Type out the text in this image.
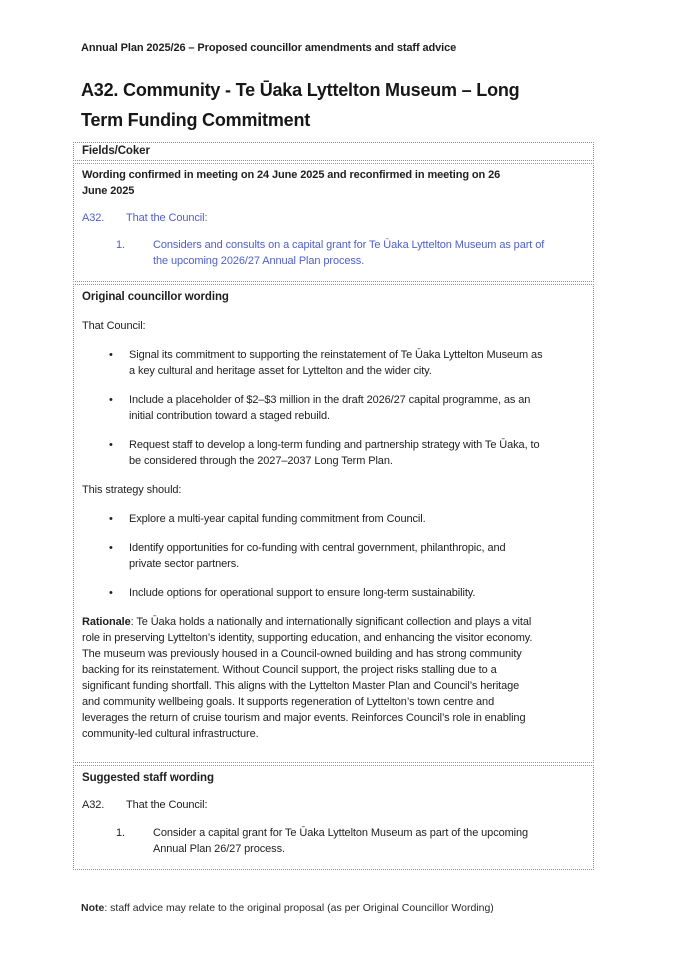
Annual Plan 2025/26 – Proposed councillor amendments and staff advice
A32. Community - Te Ūaka Lyttelton Museum – Long
Term Funding Commitment
Fields/Coker
Wording confirmed in meeting on 24 June 2025 and reconfirmed in meeting on 26
June 2025
A32.	That the Council:
1.	Considers and consults on a capital grant for Te Ūaka Lyttelton Museum as part of
the upcoming 2026/27 Annual Plan process.
Original councillor wording
That Council:
•	Signal its commitment to supporting the reinstatement of Te Ūaka Lyttelton Museum as
a key cultural and heritage asset for Lyttelton and the wider city.
•	Include a placeholder of $2–$3 million in the draft 2026/27 capital programme, as an
initial contribution toward a staged rebuild.
•	Request staff to develop a long-term funding and partnership strategy with Te Ūaka, to
be considered through the 2027–2037 Long Term Plan.
This strategy should:
•	Explore a multi-year capital funding commitment from Council.
•	Identify opportunities for co-funding with central government, philanthropic, and
private sector partners.
•	Include options for operational support to ensure long-term sustainability.
Rationale: Te Ūaka holds a nationally and internationally significant collection and plays a vital
role in preserving Lyttelton’s identity, supporting education, and enhancing the visitor economy.
The museum was previously housed in a Council-owned building and has strong community
backing for its reinstatement. Without Council support, the project risks stalling due to a
significant funding shortfall. This aligns with the Lyttelton Master Plan and Council’s heritage
and community wellbeing goals. It supports regeneration of Lyttelton’s town centre and
leverages the return of cruise tourism and major events. Reinforces Council’s role in enabling
community-led cultural infrastructure.
Suggested staff wording
A32.	That the Council:
1.	Consider a capital grant for Te Ūaka Lyttelton Museum as part of the upcoming
Annual Plan 26/27 process.
Note: staff advice may relate to the original proposal (as per Original Councillor Wording)
